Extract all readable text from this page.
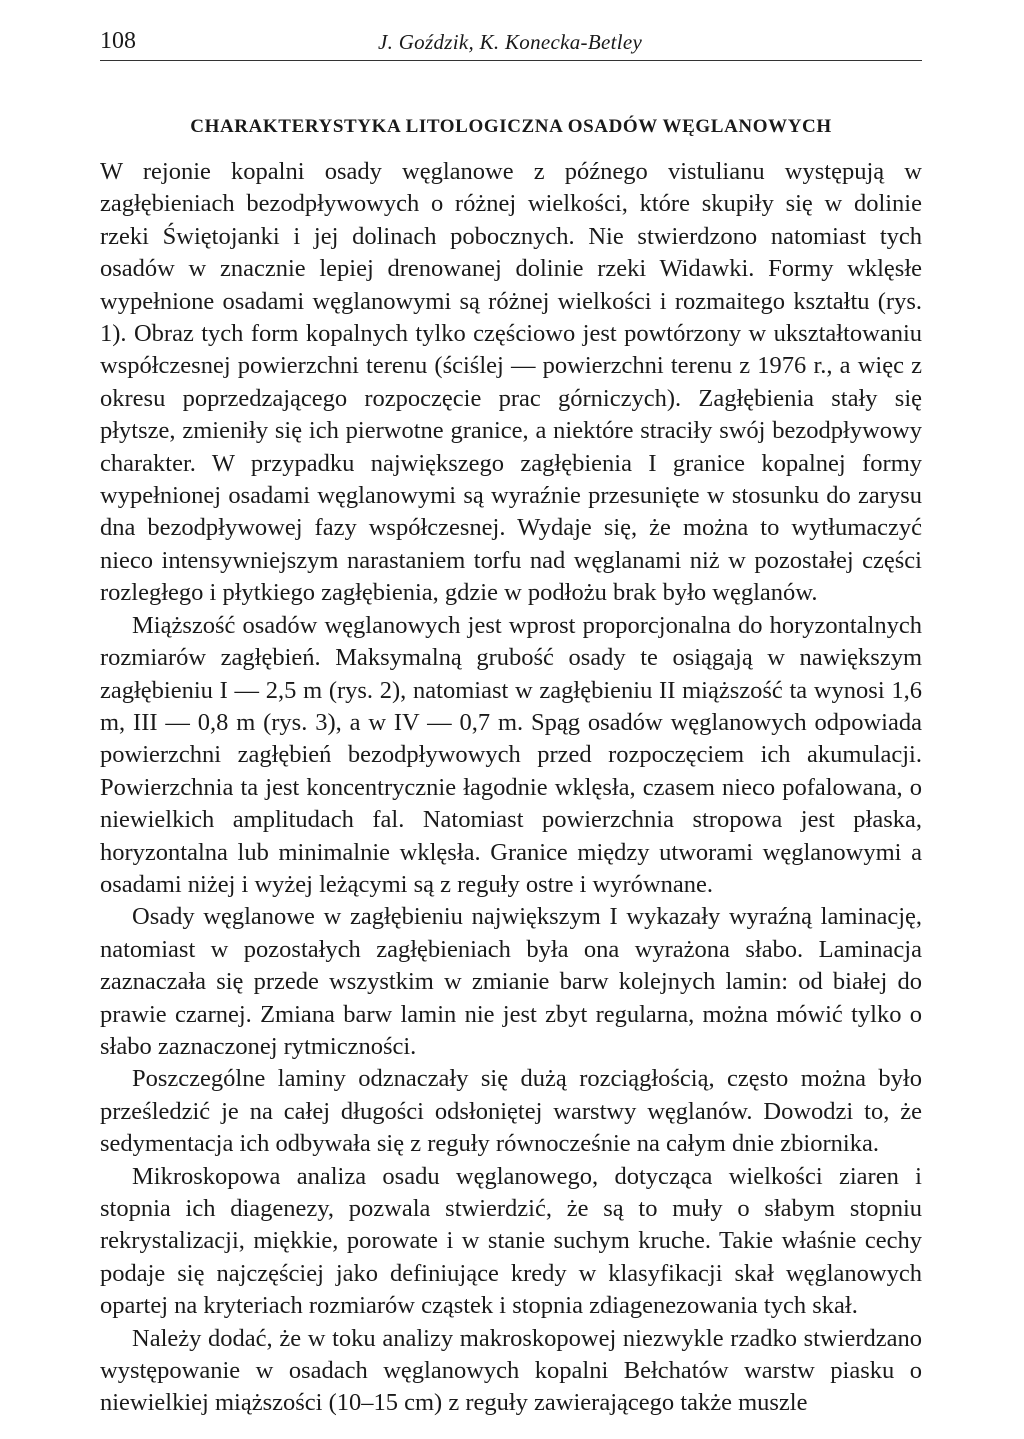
108	J. Goździk, K. Konecka-Betley
CHARAKTERYSTYKA LITOLOGICZNA OSADÓW WĘGLANOWYCH

W rejonie kopalni osady węglanowe z późnego vistulianu występują w zagłębieniach bezodpływowych o różnej wielkości, które skupiły się w dolinie rzeki Świętojanki i jej dolinach pobocznych. Nie stwierdzono natomiast tych osadów w znacznie lepiej drenowanej dolinie rzeki Widawki. Formy wklęsłe wypełnione osadami węglanowymi są różnej wielkości i rozmaitego kształtu (rys. 1). Obraz tych form kopalnych tylko częściowo jest powtórzony w ukształtowaniu współczesnej powierzchni terenu (ściślej — powierzchni terenu z 1976 r., a więc z okresu poprzedzającego rozpoczęcie prac górniczych). Zagłębienia stały się płytsze, zmieniły się ich pierwotne granice, a niektóre straciły swój bezodpływowy charakter. W przypadku największego zagłębienia I granice kopalnej formy wypełnionej osadami węglanowymi są wyraźnie przesunięte w stosunku do zarysu dna bezodpływowej fazy współczesnej. Wydaje się, że można to wytłumaczyć nieco intensywniejszym narastaniem torfu nad węglanami niż w pozostałej części rozległego i płytkiego zagłębienia, gdzie w podłożu brak było węglanów.

Miąższość osadów węglanowych jest wprost proporcjonalna do horyzontalnych rozmiarów zagłębień. Maksymalną grubość osady te osiągają w nawiększym zagłębieniu I — 2,5 m (rys. 2), natomiast w zagłębieniu II miąższość ta wynosi 1,6 m, III — 0,8 m (rys. 3), a w IV — 0,7 m. Spąg osadów węglanowych odpowiada powierzchni zagłębień bezodpływowych przed rozpoczęciem ich akumulacji. Powierzchnia ta jest koncentrycznie łagodnie wklęsła, czasem nieco pofalowana, o niewielkich amplitudach fal. Natomiast powierzchnia stropowa jest płaska, horyzontalna lub minimalnie wklęsła. Granice między utworami węglanowymi a osadami niżej i wyżej leżącymi są z reguły ostre i wyrównane.

Osady węglanowe w zagłębieniu największym I wykazały wyraźną laminację, natomiast w pozostałych zagłębieniach była ona wyrażona słabo. Laminacja zaznaczała się przede wszystkim w zmianie barw kolejnych lamin: od białej do prawie czarnej. Zmiana barw lamin nie jest zbyt regularna, można mówić tylko o słabo zaznaczonej rytmiczności.

Poszczególne laminy odznaczały się dużą rozciągłością, często można było prześledzić je na całej długości odsłoniętej warstwy węglanów. Dowodzi to, że sedymentacja ich odbywała się z reguły równocześnie na całym dnie zbiornika.

Mikroskopowa analiza osadu węglanowego, dotycząca wielkości ziaren i stopnia ich diagenezy, pozwala stwierdzić, że są to muły o słabym stopniu rekrystalizacji, miękkie, porowate i w stanie suchym kruche. Takie właśnie cechy podaje się najczęściej jako definiujące kredy w klasyfikacji skał węglanowych opartej na kryteriach rozmiarów cząstek i stopnia zdiagenezowania tych skał.

Należy dodać, że w toku analizy makroskopowej niezwykle rzadko stwierdzano występowanie w osadach węglanowych kopalni Bełchatów warstw piasku o niewielkiej miąższości (10–15 cm) z reguły zawierającego także muszle
